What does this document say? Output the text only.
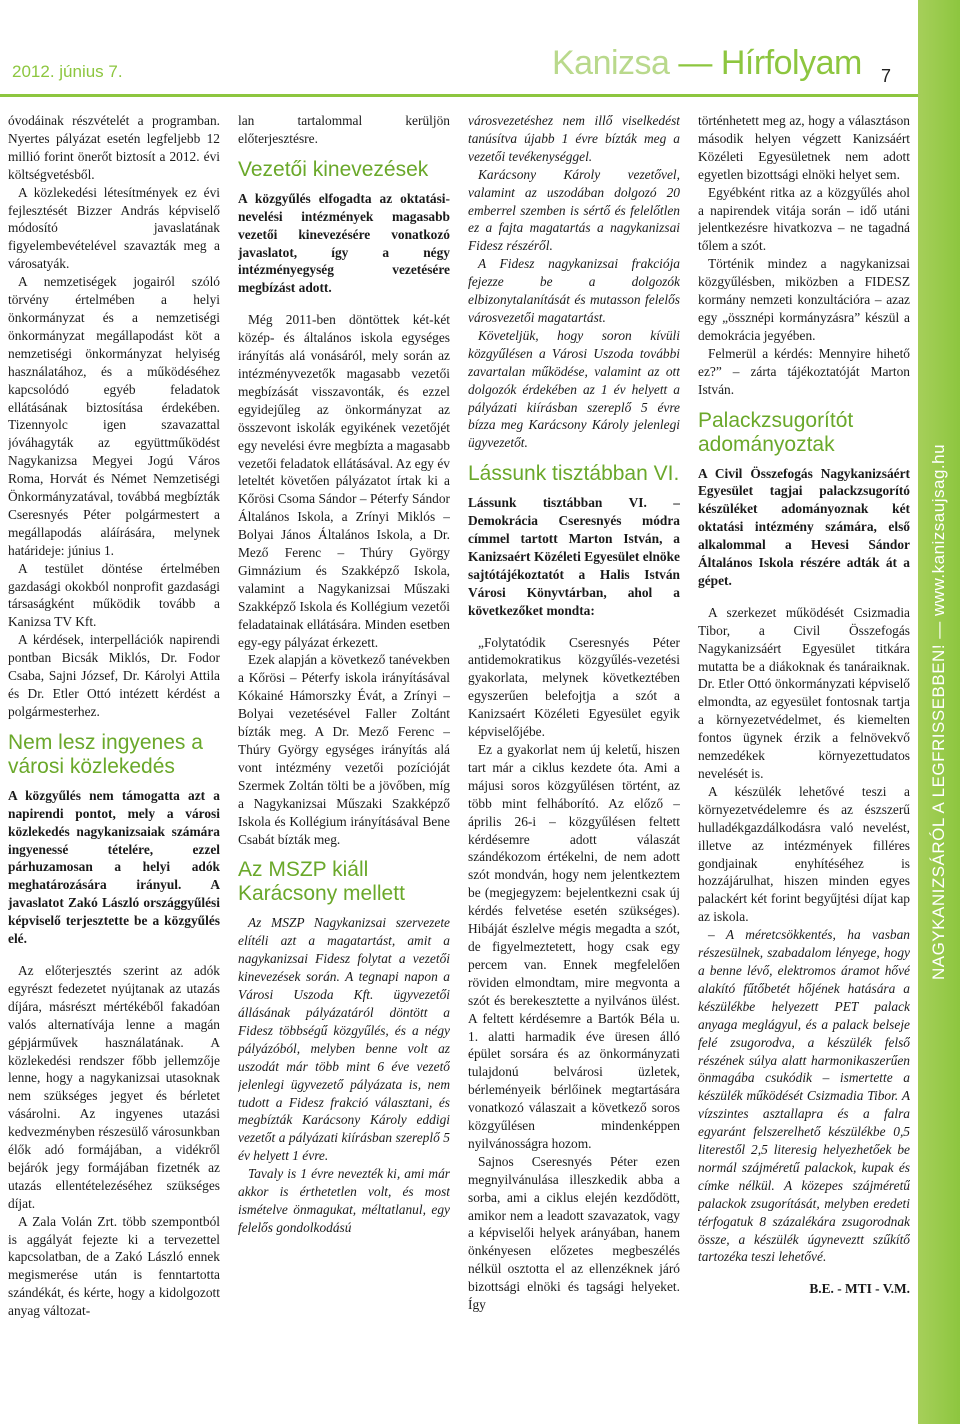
2012. június 7.	Kanizsa — Hírfolyam	7
NAGYKANIZSÁRÓL A LEGFRISSEBBEN! — www.kanizsaujsag.hu

óvodáinak részvételét a programban. Nyertes pályázat esetén legfeljebb 12 millió forint önerőt biztosít a 2012. évi költségvetésből.

A közlekedési létesítmények ez évi fejlesztését Bizzer András képviselő módosító javaslatának figyelembevételével szavazták meg a városatyák.

A nemzetiségek jogairól szóló törvény értelmében a helyi önkormányzat és a nemzetiségi önkormányzat megállapodást köt a nemzetiségi önkormányzat helyiség használatához, és a működéséhez kapcsolódó egyéb feladatok ellátásának biztosítása érdekében. Tizennyolc igen szavazattal jóváhagyták az együttműködést Nagykanizsa Megyei Jogú Város Roma, Horvát és Német Nemzetiségi Önkormányzatával, továbbá megbízták Cseresnyés Péter polgármestert a megállapodás aláírására, melynek határideje: június 1.

A testület döntése értelmében gazdasági okokból nonprofit gazdasági társaságként működik tovább a Kanizsa TV Kft.

A kérdések, interpellációk napirendi pontban Bicsák Miklós, Dr. Fodor Csaba, Sajni József, Dr. Károlyi Attila és Dr. Etler Ottó intézett kérdést a polgármesterhez.

Nem lesz ingyenes a városi közlekedés

A közgyűlés nem támogatta azt a napirendi pontot, mely a városi közlekedés nagykanizsaiak számára ingyenessé tételére, ezzel párhuzamosan a helyi adók meghatározására irányul. A javaslatot Zakó László országgyűlési képviselő terjesztette be a közgyűlés elé.

Az előterjesztés szerint az adók egyrészt fedezetet nyújtanak az utazás díjára, másrészt mértékéből fakadóan valós alternatívája lenne a magán gépjárművek használatának. A közlekedési rendszer főbb jellemzője lenne, hogy a nagykanizsai utasoknak nem szükséges jegyet és bérletet vásárolni. Az ingyenes utazási kedvezményben részesülő városunkban élők adó formájában, a vidékről bejárók jegy formájában fizetnék az utazás ellentételezéséhez szükséges díjat.

A Zala Volán Zrt. több szempontból is aggályát fejezte ki a tervezettel kapcsolatban, de a Zakó László ennek megismerése után is fenntartotta szándékát, és kérte, hogy a kidolgozott anyag változat-

lan tartalommal kerüljön előterjesztésre.

Vezetői kinevezések

A közgyűlés elfogadta az oktatási-nevelési intézmények magasabb vezetői kinevezésére vonatkozó javaslatot, így a négy intézményegység vezetésére megbízást adott.

Még 2011-ben döntöttek két-két közép- és általános iskola egységes irányítás alá vonásáról, mely során az intézményvezetők magasabb vezetői megbízását visszavonták, és ezzel egyidejűleg az önkormányzat az összevont iskolák egyikének vezetőjét egy nevelési évre megbízta a magasabb vezetői feladatok ellátásával. Az egy év leteltét követően pályázatot írtak ki a Kőrösi Csoma Sándor – Péterfy Sándor Általános Iskola, a Zrínyi Miklós – Bolyai János Általános Iskola, a Dr. Mező Ferenc – Thúry György Gimnázium és Szakképző Iskola, valamint a Nagykanizsai Műszaki Szakképző Iskola és Kollégium vezetői feladatainak ellátására. Minden esetben egy-egy pályázat érkezett.

Ezek alapján a következő tanévekben a Kőrösi – Péterfy iskola irányításával Kókainé Hámorszky Évát, a Zrínyi – Bolyai vezetésével Faller Zoltánt bízták meg. A Dr. Mező Ferenc – Thúry György egységes irányítás alá vont intézmény vezetői pozícióját Szermek Zoltán tölti be a jövőben, míg a Nagykanizsai Műszaki Szakképző Iskola és Kollégium irányításával Bene Csabát bízták meg.

Az MSZP kiáll Karácsony mellett

Az MSZP Nagykanizsai szervezete elítéli azt a magatartást, amit a nagykanizsai Fidesz folytat a vezetői kinevezések során. A tegnapi napon a Városi Uszoda Kft. ügyvezetői állásának pályázatáról döntött a Fidesz többségű közgyűlés, és a négy pályázóból, melyben benne volt az uszodát már több mint 6 éve vezető jelenlegi ügyvezető pályázata is, nem tudott a Fidesz frakció választani, és megbízták Karácsony Károly eddigi vezetőt a pályázati kiírásban szereplő 5 év helyett 1 évre.

Tavaly is 1 évre nevezték ki, ami már akkor is érthetetlen volt, és most ismételve önmagukat, méltatlanul, egy felelős gondolkodású

városvezetéshez nem illő viselkedést tanúsítva újabb 1 évre bízták meg a vezetői tevékenységgel.

Karácsony Károly vezetővel, valamint az uszodában dolgozó 20 emberrel szemben is sértő és felelőtlen ez a fajta magatartás a nagykanizsai Fidesz részéről.

A Fidesz nagykanizsai frakciója fejezze be a dolgozók elbizonytalanítását és mutasson felelős városvezetői magatartást.

Követeljük, hogy soron kívüli közgyűlésen a Városi Uszoda további zavartalan működése, valamint az ott dolgozók érdekében az 1 év helyett a pályázati kiírásban szereplő 5 évre bízza meg Karácsony Károly jelenlegi ügyvezetőt.

Lássunk tisztábban VI.

Lássunk tisztábban VI. – Demokrácia Cseresnyés módra címmel tartott Marton István, a Kanizsaért Közéleti Egyesület elnöke sajtótájékoztatót a Halis István Városi Könyvtárban, ahol a következőket mondta:

„Folytatódik Cseresnyés Péter antidemokratikus közgyűlés-vezetési gyakorlata, melynek következtében egyszerűen belefojtja a szót a Kanizsaért Közéleti Egyesület egyik képviselőjébe.

Ez a gyakorlat nem új keletű, hiszen tart már a ciklus kezdete óta. Ami a májusi soros közgyűlésen történt, az több mint felháborító. Az előző – április 26-i – közgyűlésen feltett kérdésemre adott válaszát szándékozom értékelni, de nem adott szót mondván, hogy nem jelentkeztem be (megjegyzem: bejelentkezni csak új kérdés felvetése esetén szükséges). Hibáját észlelve mégis megadta a szót, de figyelmeztetett, hogy csak egy percem van. Ennek megfelelően röviden elmondtam, mire megvonta a szót és berekesztette a nyilvános ülést. A feltett kérdésemre a Bartók Béla u. 1. alatti harmadik éve üresen álló épület sorsára és az önkormányzati tulajdonú belvárosi üzletek, bérleményeik bérlőinek megtartására vonatkozó válaszait a következő soros közgyűlésen mindenképpen nyilvánosságra hozom.

Sajnos Cseresnyés Péter ezen megnyilvánulása illeszkedik abba a sorba, ami a ciklus elején kezdődött, amikor nem a leadott szavazatok, vagy a képviselői helyek arányában, hanem önkényesen előzetes megbeszélés nélkül osztotta el az ellenzéknek járó bizottsági elnöki és tagsági helyeket. Így

történhetett meg az, hogy a választáson második helyen végzett Kanizsáért Közéleti Egyesületnek nem adott egyetlen bizottsági elnöki helyet sem.

Egyébként ritka az a közgyűlés ahol a napirendek vitája során – idő utáni jelentkezésre hivatkozva – ne tagadná tőlem a szót.

Történik mindez a nagykanizsai közgyűlésben, miközben a FIDESZ kormány nemzeti konzultációra – azaz egy „össznépi kormányzásra” készül a demokrácia jegyében.

Felmerül a kérdés: Mennyire hihető ez?” – zárta tájékoztatóját Marton István.

Palackzsugorítót adományoztak

A Civil Összefogás Nagykanizsáért Egyesület tagjai palackzsugorító készüléket adományoznak két oktatási intézmény számára, első alkalommal a Hevesi Sándor Általános Iskola részére adták át a gépet.

A szerkezet működését Csizmadia Tibor, a Civil Összefogás Nagykanizsáért Egyesület titkára mutatta be a diákoknak és tanáraiknak. Dr. Etler Ottó önkormányzati képviselő elmondta, az egyesület fontosnak tartja a környezetvédelmet, és kiemelten fontos ügynek érzik a felnövekvő nemzedékek környezettudatos nevelését is.

A készülék lehetővé teszi a környezetvédelemre és az észszerű hulladékgazdálkodásra való nevelést, illetve az intézmények filléres gondjainak enyhítéséhez is hozzájárulhat, hiszen minden egyes palackért két forint begyűjtési díjat kap az iskola.

– A méretcsökkentés, ha vasban részesülnek, szabadalom lényege, hogy a benne lévő, elektromos áramot hővé alakító fűtőbetét hőjének hatására a készülékbe helyezett PET palack anyaga meglágyul, és a palack belseje felé zsugorodva, a készülék felső részének súlya alatt harmonikaszerűen önmagába csukódik – ismertette a készülék működését Csizmadia Tibor. A vízszintes asztallapra és a falra egyaránt felszerelhető készülékbe 0,5 literestől 2,5 literesig helyezhetőek be normál szájméretű palackok, kupak és címke nélkül. A közepes szájméretű palackok zsugorítását, melyben eredeti térfogatuk 8 százalékára zsugorodnak össze, a készülék úgyneveztt szűkítő tartozéka teszi lehetővé.

B.E. - MTI - V.M.
